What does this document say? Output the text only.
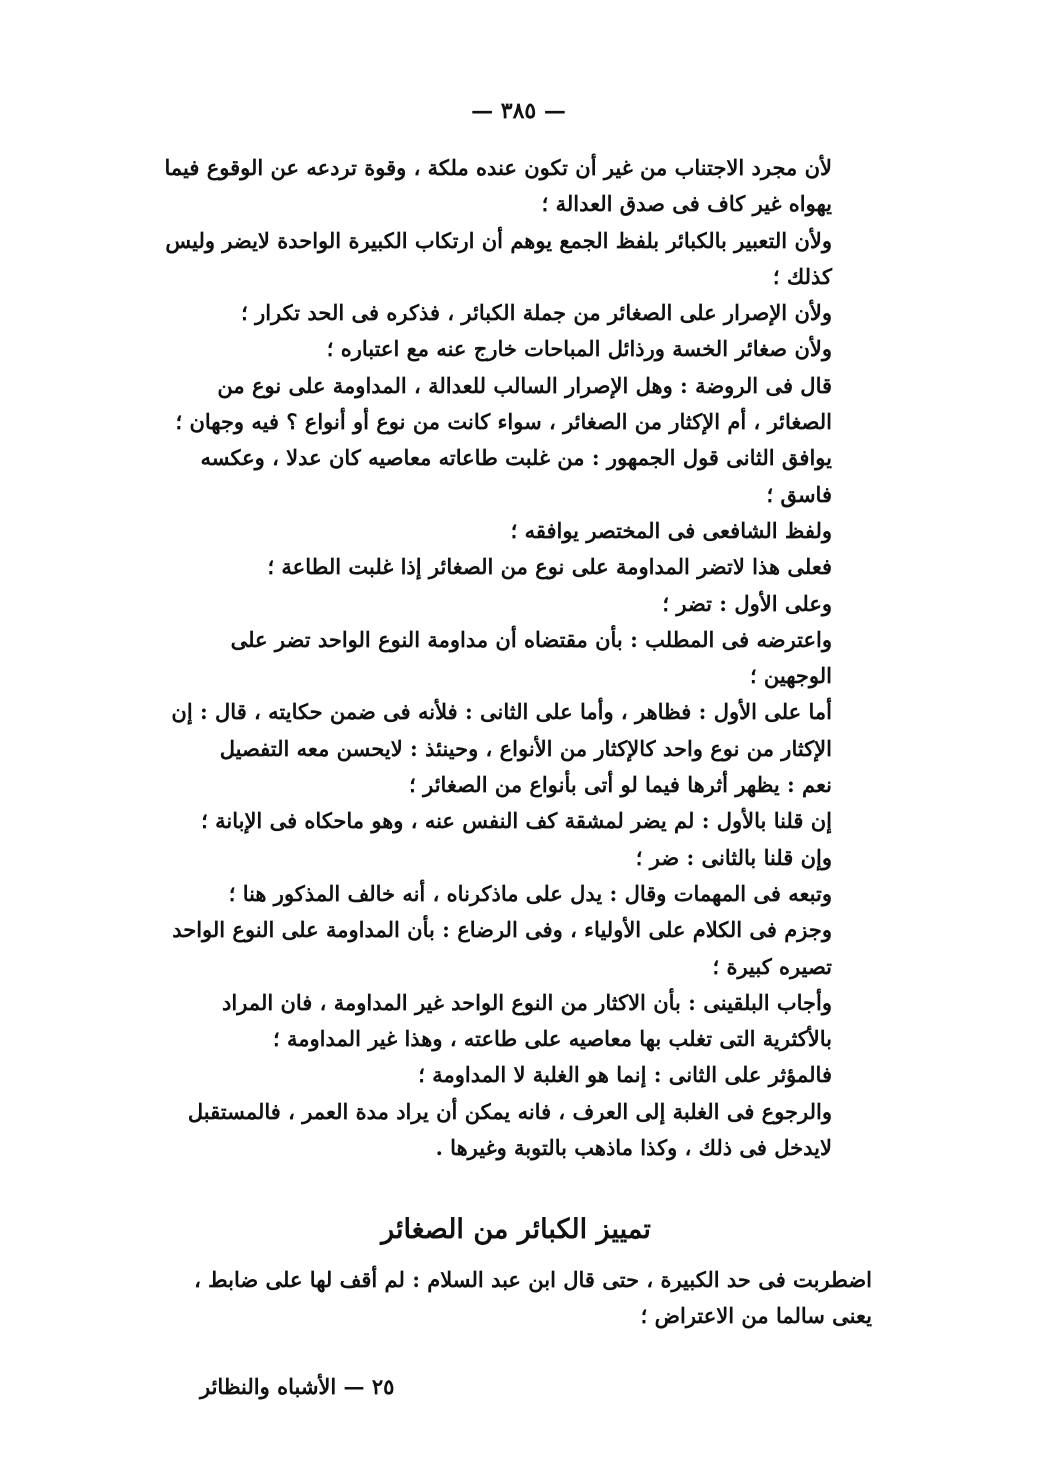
— ٣٨٥ —

لأن مجرد الاجتناب من غير أن تكون عنده ملكة ، وقوة تردعه عن الوقوع فيما يهواه غير كاف فى صدق العدالة ؛

ولأن التعبير بالكبائر بلفظ الجمع يوهم أن ارتكاب الكبيرة الواحدة لايضر وليس كذلك ؛

ولأن الإصرار على الصغائر من جملة الكبائر ، فذكره فى الحد تكرار ؛

ولأن صغائر الخسة ورذائل المباحات خارج عنه مع اعتباره ؛

قال فى الروضة : وهل الإصرار السالب للعدالة ، المداومة على نوع من الصغائر ، أم الإكثار من الصغائر ، سواء كانت من نوع أو أنواع ؟ فيه وجهان ؛

يوافق الثانى قول الجمهور : من غلبت طاعاته معاصيه كان عدلا ، وعكسه فاسق ؛

ولفظ الشافعى فى المختصر يوافقه ؛

فعلى هذا لاتضر المداومة على نوع من الصغائر إذا غلبت الطاعة ؛

وعلى الأول : تضر ؛

واعترضه فى المطلب : بأن مقتضاه أن مداومة النوع الواحد تضر على الوجهين ؛

أما على الأول : فظاهر ، وأما على الثانى : فلأنه فى ضمن حكايته ، قال : إن الإكثار من نوع واحد كالإكثار من الأنواع ، وحينئذ : لايحسن معه التفصيل

نعم : يظهر أثرها فيما لو أتى بأنواع من الصغائر ؛

إن قلنا بالأول : لم يضر لمشقة كف النفس عنه ، وهو ماحكاه فى الإبانة ؛

وإن قلنا بالثانى : ضر ؛

وتبعه فى المهمات وقال : يدل على ماذكرناه ، أنه خالف المذكور هنا ؛

وجزم فى الكلام على الأولياء ، وفى الرضاع : بأن المداومة على النوع الواحد تصيره كبيرة ؛

وأجاب البلقينى : بأن الاكثار من النوع الواحد غير المداومة ، فان المراد بالأكثرية التى تغلب بها معاصيه على طاعته ، وهذا غير المداومة ؛

فالمؤثر على الثانى : إنما هو الغلبة لا المداومة ؛

والرجوع فى الغلبة إلى العرف ، فانه يمكن أن يراد مدة العمر ، فالمستقبل لايدخل فى ذلك ، وكذا ماذهب بالتوبة وغيرها .

تمييز الكبائر من الصغائر
اضطربت فى حد الكبيرة ، حتى قال ابن عبد السلام : لم أقف لها على ضابط ، يعنى سالما من الاعتراض ؛
٢٥ — الأشباه والنظائر
